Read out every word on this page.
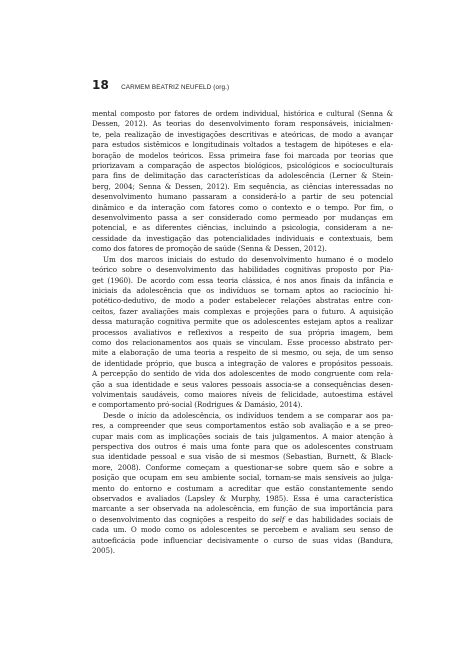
18 CARMEM BEATRIZ NEUFELD (org.)
mental composto por fatores de ordem individual, histórica e cultural (Senna &
Dessen, 2012). As teorias do desenvolvimento foram responsáveis, inicialmen-
te, pela realização de investigações descritivas e ateóricas, de modo a avançar
para estudos sistêmicos e longitudinais voltados a testagem de hipóteses e ela-
boração de modelos teóricos. Essa primeira fase foi marcada por teorias que
priorizavam a comparação de aspectos biológicos, psicológicos e socioculturais
para fins de delimitação das características da adolescência (Lerner & Stein-
berg, 2004; Senna & Dessen, 2012). Em sequência, as ciências interessadas no
desenvolvimento humano passaram a considerá-lo a partir de seu potencial
dinâmico e da interação com fatores como o contexto e o tempo. Por fim, o
desenvolvimento passa a ser considerado como permeado por mudanças em
potencial, e as diferentes ciências, incluindo a psicologia, consideram a ne-
cessidade da investigação das potencialidades individuais e contextuais, bem
como dos fatores de promoção de saúde (Senna & Dessen, 2012).
Um dos marcos iniciais do estudo do desenvolvimento humano é o modelo
teórico sobre o desenvolvimento das habilidades cognitivas proposto por Pia-
get (1960). De acordo com essa teoria clássica, é nos anos finais da infância e
iniciais da adolescência que os indivíduos se tornam aptos ao raciocínio hi-
potético-dedutivo, de modo a poder estabelecer relações abstratas entre con-
ceitos, fazer avaliações mais complexas e projeções para o futuro. A aquisição
dessa maturação cognitiva permite que os adolescentes estejam aptos a realizar
processos avaliativos e reflexivos a respeito de sua própria imagem, bem
como dos relacionamentos aos quais se vinculam. Esse processo abstrato per-
mite a elaboração de uma teoria a respeito de si mesmo, ou seja, de um senso
de identidade próprio, que busca a integração de valores e propósitos pessoais.
A percepção do sentido de vida dos adolescentes de modo congruente com rela-
ção a sua identidade e seus valores pessoais associa-se a consequências desen-
volvimentais saudáveis, como maiores níveis de felicidade, autoestima estável
e comportamento pró-social (Rodrigues & Damásio, 2014).
Desde o início da adolescência, os indivíduos tendem a se comparar aos pa-
res, a compreender que seus comportamentos estão sob avaliação e a se preo-
cupar mais com as implicações sociais de tais julgamentos. A maior atenção à
perspectiva dos outros é mais uma fonte para que os adolescentes construam
sua identidade pessoal e sua visão de si mesmos (Sebastian, Burnett, & Black-
more, 2008). Conforme começam a questionar-se sobre quem são e sobre a
posição que ocupam em seu ambiente social, tornam-se mais sensíveis ao julga-
mento do entorno e costumam a acreditar que estão constantemente sendo
observados e avaliados (Lapsley & Murphy, 1985). Essa é uma característica
marcante a ser observada na adolescência, em função de sua importância para
o desenvolvimento das cognições a respeito do self e das habilidades sociais de
cada um. O modo como os adolescentes se percebem e avaliam seu senso de
autoeficácia pode influenciar decisivamente o curso de suas vidas (Bandura,
2005).
